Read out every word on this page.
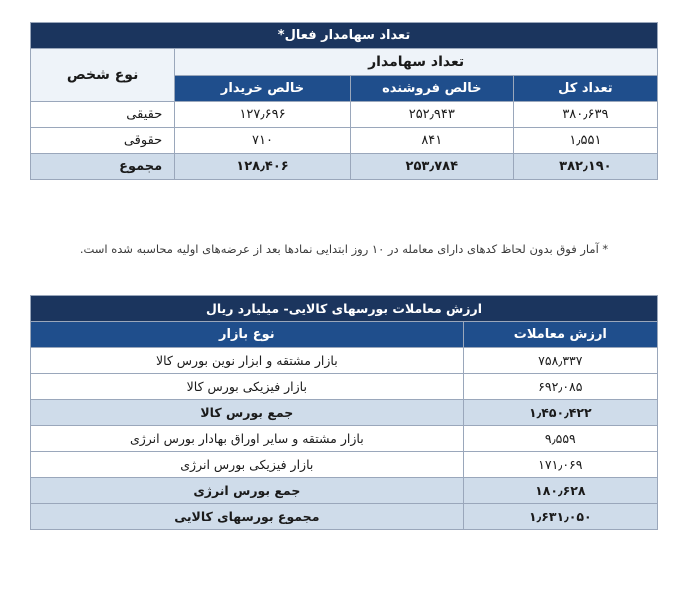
تعداد سهامدار فعال*			
تعداد سهامدار			نوع شخص
تعداد کل	خالص فروشنده	خالص خریدار	
۳۸۰٫۶۳۹	۲۵۲٫۹۴۳	۱۲۷٫۶۹۶	حقیقی
۱٫۵۵۱	۸۴۱	۷۱۰	حقوقی
۳۸۲٫۱۹۰	۲۵۳٫۷۸۴	۱۲۸٫۴۰۶	مجموع
* آمار فوق بدون لحاظ کدهای دارای معامله در ۱۰ روز ابتدایی نمادها بعد از عرضه‌های اولیه محاسبه شده است.
ارزش معاملات بورسهای کالایی- میلیارد ریال	
ارزش معاملات	نوع بازار
۷۵۸٫۳۳۷	بازار مشتقه و ابزار نوین بورس کالا
۶۹۲٫۰۸۵	بازار فیزیکی بورس کالا
۱٫۴۵۰٫۴۲۲	جمع بورس کالا
۹٫۵۵۹	بازار مشتقه و سایر اوراق بهادار بورس انرژی
۱۷۱٫۰۶۹	بازار فیزیکی بورس انرژی
۱۸۰٫۶۲۸	جمع بورس انرژی
۱٫۶۳۱٫۰۵۰	مجموع بورسهای کالایی
